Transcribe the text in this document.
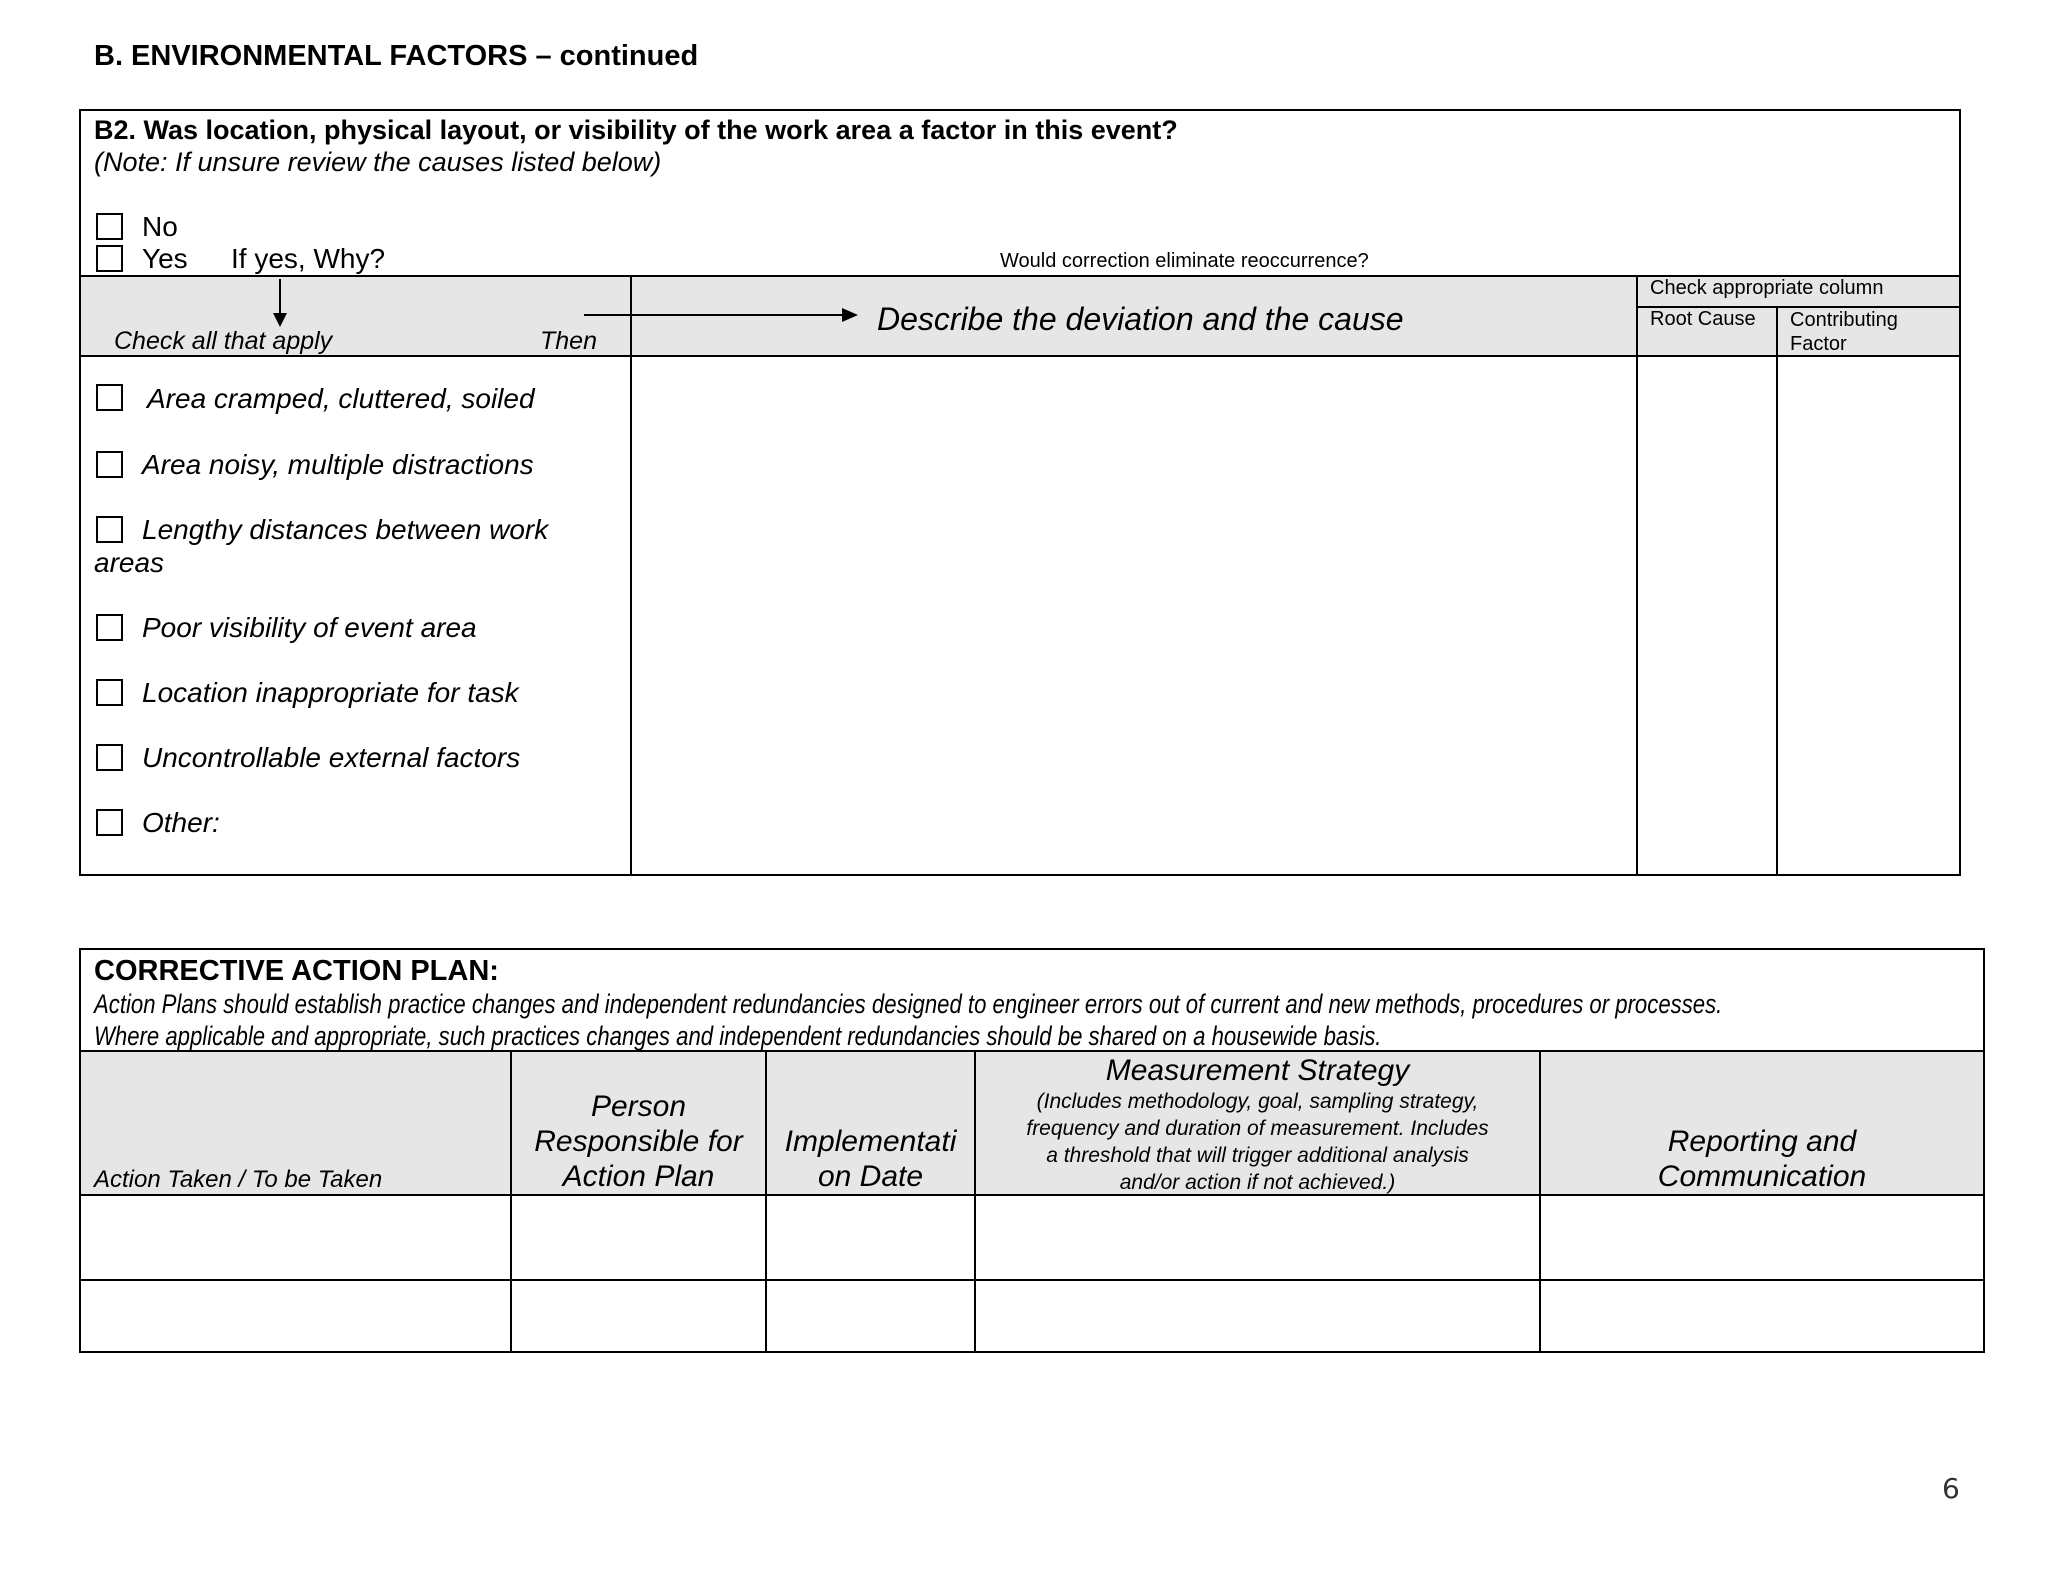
B. ENVIRONMENTAL FACTORS – continued
B2. Was location, physical layout, or visibility of the work area a factor in this event?
(Note: If unsure review the causes listed below)
No
Yes If yes, Why?	Would correction eliminate reoccurrence?
Check all that apply	Then
Describe the deviation and the cause
Check appropriate column
Root Cause Contributing
Factor
Area cramped, cluttered, soiled
Area noisy, multiple distractions
Lengthy distances between work
areas
Poor visibility of event area
Location inappropriate for task
Uncontrollable external factors
Other:
CORRECTIVE ACTION PLAN:
Action Plans should establish practice changes and independent redundancies designed to engineer errors out of current and new methods, procedures or processes.
Where applicable and appropriate, such practices changes and independent redundancies should be shared on a housewide basis.
Action Taken / To be Taken
Person
Responsible for
Action Plan
Implementati
on Date
Measurement Strategy
(Includes methodology, goal, sampling strategy,
frequency and duration of measurement. Includes
a threshold that will trigger additional analysis
and/or action if not achieved.)
Reporting and
Communication
6
